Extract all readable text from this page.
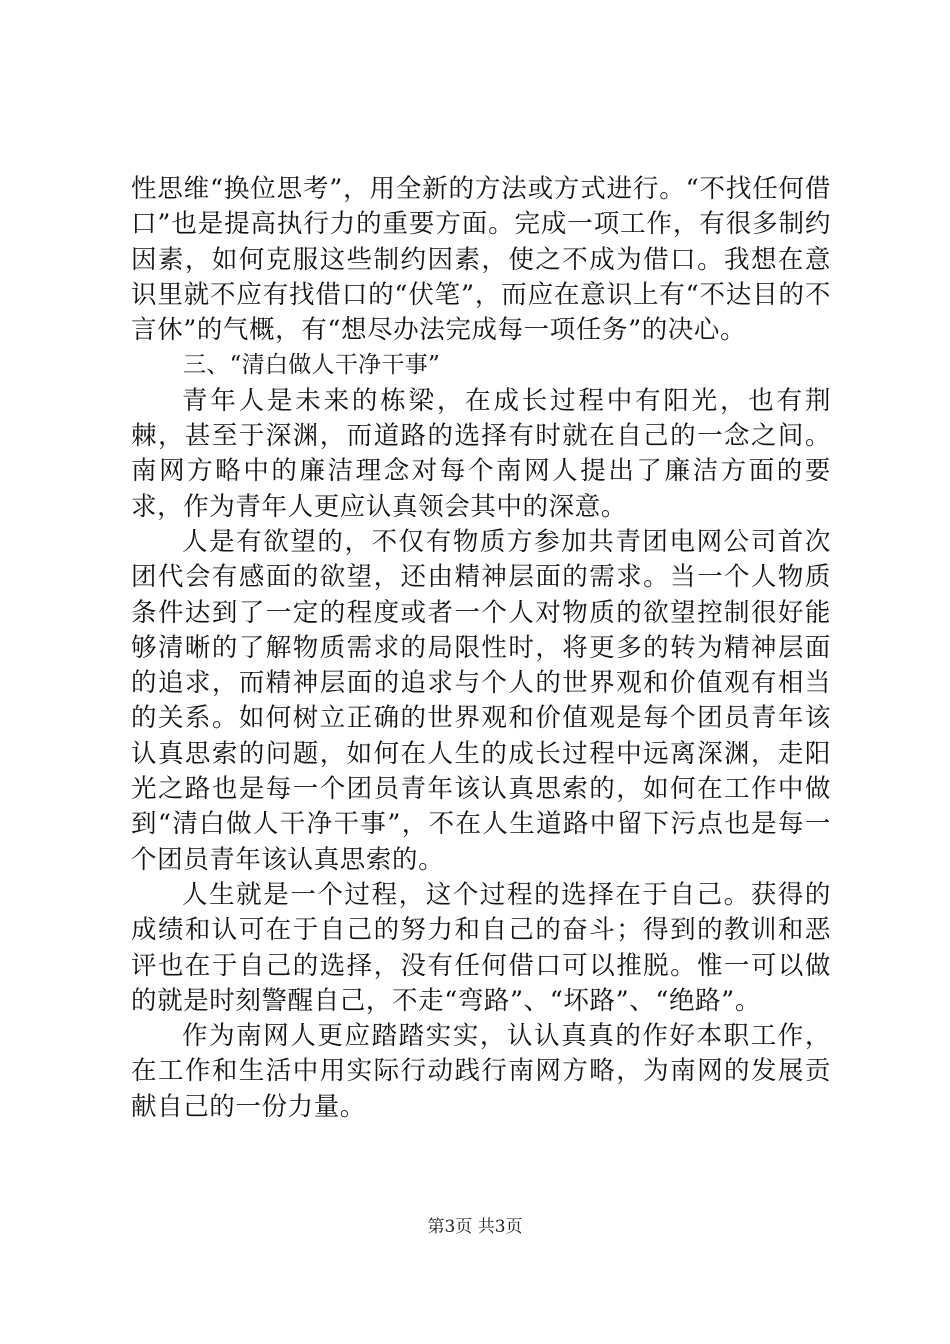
性思维“换位思考”，用全新的方法或方式进行。“不找任何借口”也是提高执行力的重要方面。完成一项工作，有很多制约因素，如何克服这些制约因素，使之不成为借口。我想在意识里就不应有找借口的“伏笔”，而应在意识上有“不达目的不言休”的气概，有“想尽办法完成每一项任务”的决心。

三、“清白做人干净干事”

青年人是未来的栋梁，在成长过程中有阳光，也有荆棘，甚至于深渊，而道路的选择有时就在自己的一念之间。南网方略中的廉洁理念对每个南网人提出了廉洁方面的要求，作为青年人更应认真领会其中的深意。

人是有欲望的，不仅有物质方参加共青团电网公司首次团代会有感面的欲望，还由精神层面的需求。当一个人物质条件达到了一定的程度或者一个人对物质的欲望控制很好能够清晰的了解物质需求的局限性时，将更多的转为精神层面的追求，而精神层面的追求与个人的世界观和价值观有相当的关系。如何树立正确的世界观和价值观是每个团员青年该认真思索的问题，如何在人生的成长过程中远离深渊，走阳光之路也是每一个团员青年该认真思索的，如何在工作中做到“清白做人干净干事”，不在人生道路中留下污点也是每一个团员青年该认真思索的。

人生就是一个过程，这个过程的选择在于自己。获得的成绩和认可在于自己的努力和自己的奋斗；得到的教训和恶评也在于自己的选择，没有任何借口可以推脱。惟一可以做的就是时刻警醒自己，不走“弯路”、“坏路”、“绝路”。

作为南网人更应踏踏实实，认认真真的作好本职工作，在工作和生活中用实际行动践行南网方略，为南网的发展贡献自己的一份力量。

第3页 共3页
